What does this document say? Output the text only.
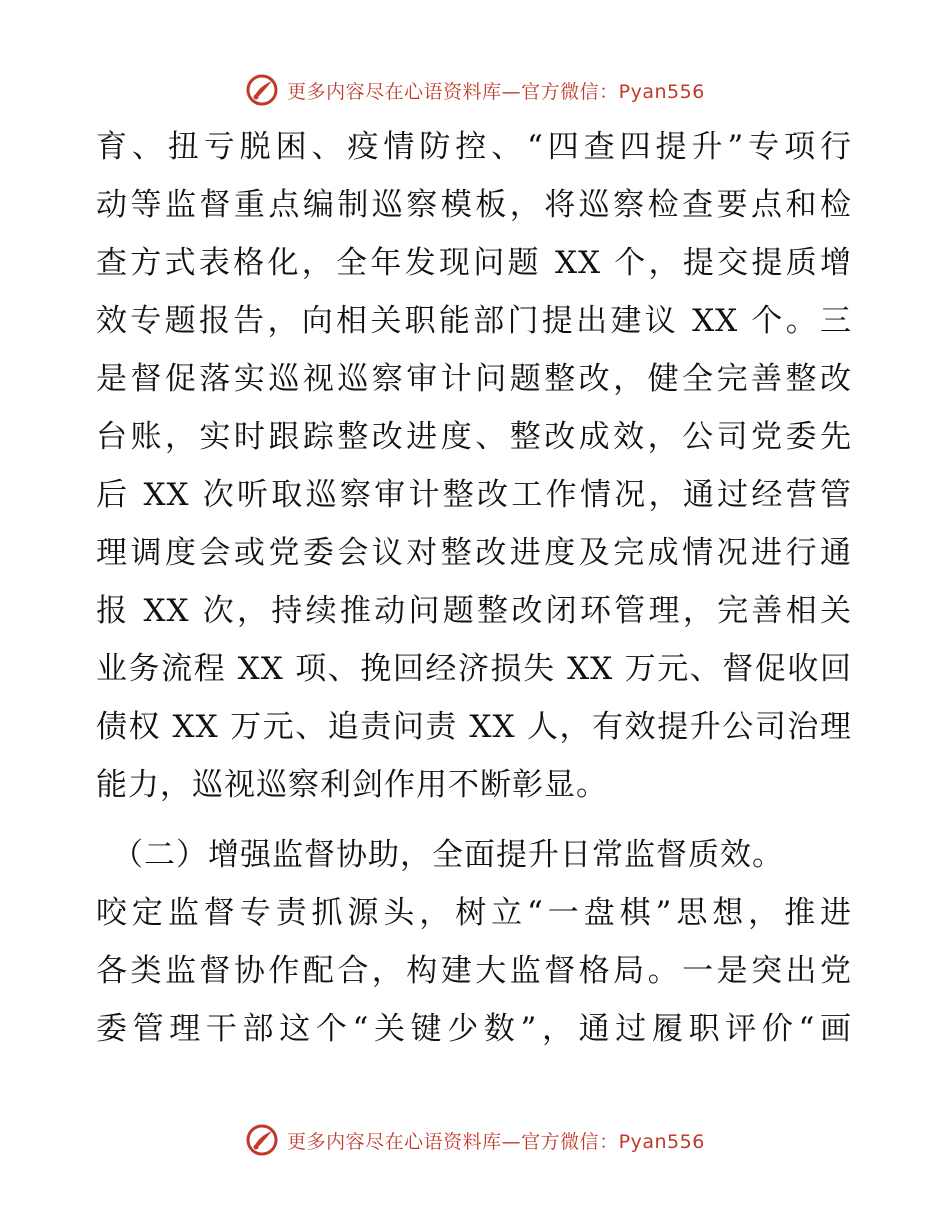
更多内容尽在心语资料库—官方微信：Pyan556
育、扭亏脱困、疫情防控、“四查四提升”专项行
动等监督重点编制巡察模板，将巡察检查要点和检
查方式表格化，全年发现问题 XX 个，提交提质增
效专题报告，向相关职能部门提出建议 XX 个。三
是督促落实巡视巡察审计问题整改，健全完善整改
台账，实时跟踪整改进度、整改成效，公司党委先
后 XX 次听取巡察审计整改工作情况，通过经营管
理调度会或党委会议对整改进度及完成情况进行通
报 XX 次，持续推动问题整改闭环管理，完善相关
业务流程 XX 项、挽回经济损失 XX 万元、督促收回
债权 XX 万元、追责问责 XX 人，有效提升公司治理
能力，巡视巡察利剑作用不断彰显。
（二）增强监督协助，全面提升日常监督质效。
咬定监督专责抓源头，树立“一盘棋”思想，推进
各类监督协作配合，构建大监督格局。一是突出党
委管理干部这个“关键少数”，通过履职评价“画
更多内容尽在心语资料库—官方微信：Pyan556
